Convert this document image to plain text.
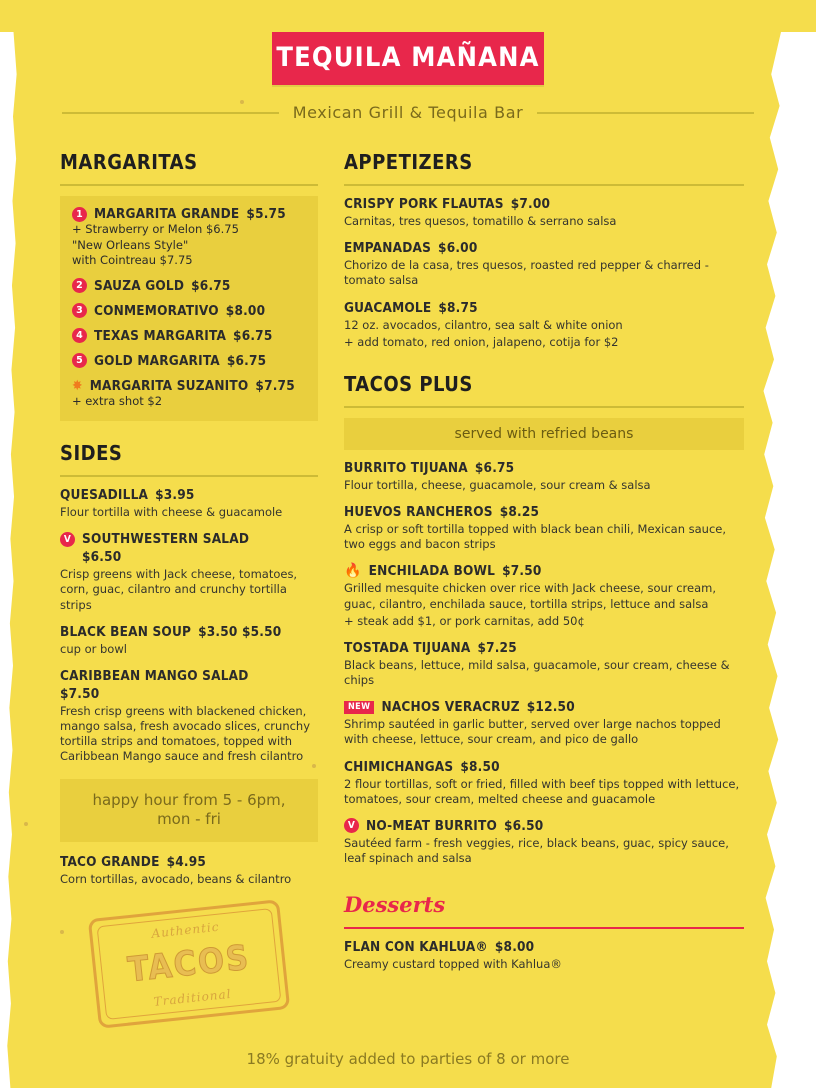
TEQUILA MAÑANA
Mexican Grill & Tequila Bar
MARGARITAS
1 MARGARITA GRANDE $5.75
+ Strawberry or Melon $6.75
"New Orleans Style"
with Cointreau $7.75
2 SAUZA GOLD $6.75
3 CONMEMORATIVO $8.00
4 TEXAS MARGARITA $6.75
5 GOLD MARGARITA $6.75
✸ MARGARITA SUZANITO $7.75
+ extra shot $2
SIDES
QUESADILLA $3.95
Flour tortilla with cheese & guacamole
V SOUTHWESTERN SALAD
$6.50
Crisp greens with Jack cheese, tomatoes, corn, guac, cilantro and crunchy tortilla strips
BLACK BEAN SOUP $3.50 $5.50
cup or bowl
CARIBBEAN MANGO SALAD
$7.50
Fresh crisp greens with blackened chicken, mango salsa, fresh avocado slices, crunchy tortilla strips and tomatoes, topped with Caribbean Mango sauce and fresh cilantro
happy hour from 5 - 6pm, mon - fri
TACO GRANDE $4.95
Corn tortillas, avocado, beans & cilantro
Authentic
TACOS
Traditional
APPETIZERS
CRISPY PORK FLAUTAS $7.00
Carnitas, tres quesos, tomatillo & serrano salsa
EMPANADAS $6.00
Chorizo de la casa, tres quesos, roasted red pepper & charred - tomato salsa
GUACAMOLE $8.75
12 oz. avocados, cilantro, sea salt & white onion
+ add tomato, red onion, jalapeno, cotija for $2
TACOS PLUS
served with refried beans
BURRITO TIJUANA $6.75
Flour tortilla, cheese, guacamole, sour cream & salsa
HUEVOS RANCHEROS $8.25
A crisp or soft tortilla topped with black bean chili, Mexican sauce, two eggs and bacon strips
🔥 ENCHILADA BOWL $7.50
Grilled mesquite chicken over rice with Jack cheese, sour cream, guac, cilantro, enchilada sauce, tortilla strips, lettuce and salsa
+ steak add $1, or pork carnitas, add 50¢
TOSTADA TIJUANA $7.25
Black beans, lettuce, mild salsa, guacamole, sour cream, cheese & chips
NEW NACHOS VERACRUZ $12.50
Shrimp sautéed in garlic butter, served over large nachos topped with cheese, lettuce, sour cream, and pico de gallo
CHIMICHANGAS $8.50
2 flour tortillas, soft or fried, filled with beef tips topped with lettuce, tomatoes, sour cream, melted cheese and guacamole
V NO-MEAT BURRITO $6.50
Sautéed farm - fresh veggies, rice, black beans, guac, spicy sauce, leaf spinach and salsa
Desserts
FLAN CON KAHLUA® $8.00
Creamy custard topped with Kahlua®
18% gratuity added to parties of 8 or more
